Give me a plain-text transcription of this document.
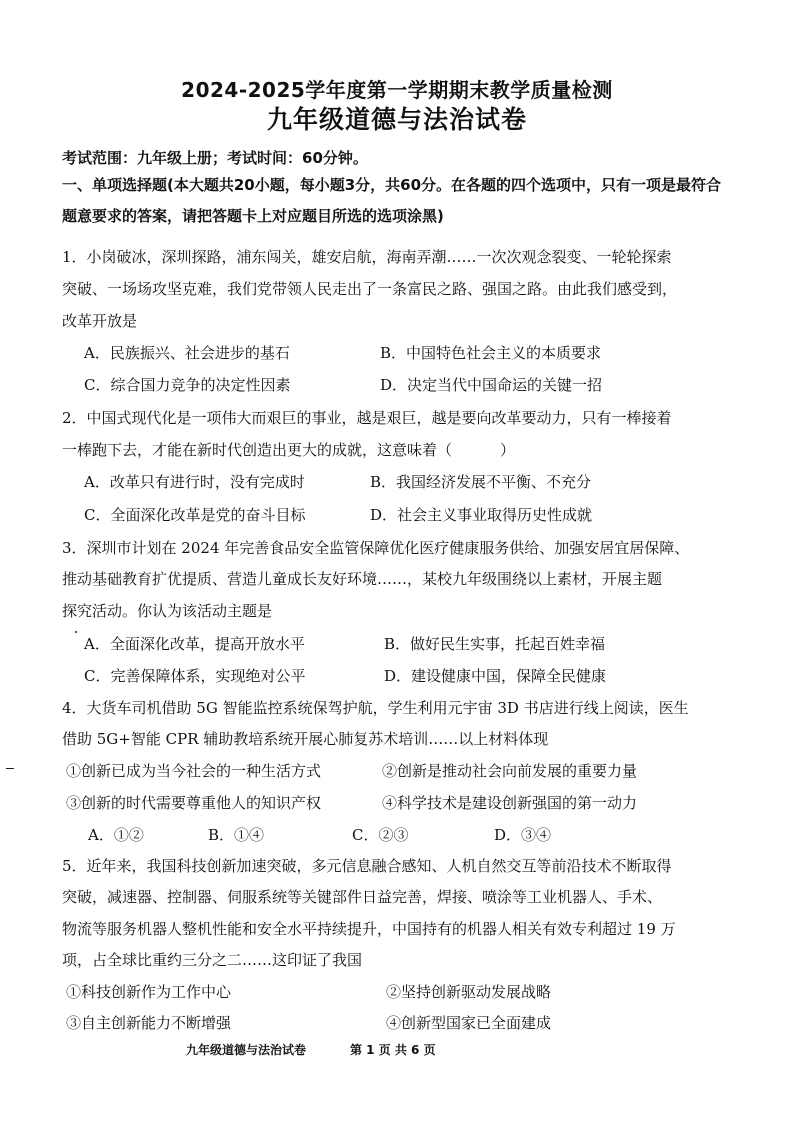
2024-2025学年度第一学期期末教学质量检测
九年级道德与法治试卷
考试范围：九年级上册；考试时间：60分钟。
一、单项选择题(本大题共20小题，每小题3分，共60分。在各题的四个选项中，只有一项是最符合
题意要求的答案，请把答题卡上对应题目所选的选项涂黑)
1．小岗破冰，深圳探路，浦东闯关，雄安启航，海南弄潮……一次次观念裂变、一轮轮探索
突破、一场场攻坚克难，我们党带领人民走出了一条富民之路、强国之路。由此我们感受到，
改革开放是
A．民族振兴、社会进步的基石	B．中国特色社会主义的本质要求
C．综合国力竞争的决定性因素	D．决定当代中国命运的关键一招
2．中国式现代化是一项伟大而艰巨的事业，越是艰巨，越是要向改革要动力，只有一棒接着
一棒跑下去，才能在新时代创造出更大的成就，这意味着（	）
A．改革只有进行时，没有完成时	B．我国经济发展不平衡、不充分
C．全面深化改革是党的奋斗目标	D．社会主义事业取得历史性成就
3．深圳市计划在 2024 年完善食品安全监管保障优化医疗健康服务供给、加强安居宜居保障、
推动基础教育扩优提质、营造儿童成长友好环境……，某校九年级围绕以上素材，开展主题
探究活动。你认为该活动主题是
A．全面深化改革，提高开放水平	B．做好民生实事，托起百姓幸福
C．完善保障体系，实现绝对公平	D．建设健康中国，保障全民健康
4．大货车司机借助 5G 智能监控系统保驾护航，学生利用元宇宙 3D 书店进行线上阅读，医生
借助 5G+智能 CPR 辅助教培系统开展心肺复苏术培训……以上材料体现
①创新已成为当今社会的一种生活方式	②创新是推动社会向前发展的重要力量
③创新的时代需要尊重他人的知识产权	④科学技术是建设创新强国的第一动力
A．①②	B．①④	C．②③	D．③④
5．近年来，我国科技创新加速突破，多元信息融合感知、人机自然交互等前沿技术不断取得
突破，减速器、控制器、伺服系统等关键部件日益完善，焊接、喷涂等工业机器人、手术、
物流等服务机器人整机性能和安全水平持续提升，中国持有的机器人相关有效专利超过 19 万
项，占全球比重约三分之二……这印证了我国
①科技创新作为工作中心	②坚持创新驱动发展战略
③自主创新能力不断增强	④创新型国家已全面建成
九年级道德与法治试卷	第 1 页 共 6 页
